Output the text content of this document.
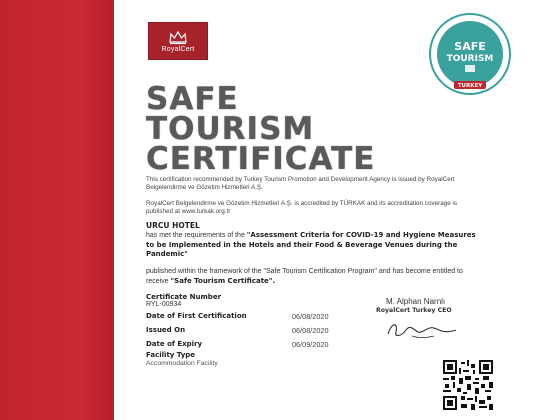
RoyalCert
CERTIFICATE OF
SAFE
TOURISM
TURKEY
SAFE
TOURISM
CERTIFICATE
This certification recommended by Turkey Tourism Promotion and Development Agency is issued by RoyalCert Belgelendirme ve Gözetim Hizmetleri A.Ş.
RoyalCert Belgelendirme ve Gözetim Hizmetleri A.Ş. is accredited by TÜRKAK and its accreditation coverage is published at www.turkak.org.tr
URCU HOTEL
has met the requirements of the "Assessment Criteria for COVID-19 and Hygiene Measures to be Implemented in the Hotels and their Food & Beverage Venues during the Pandemic"
published within the framework of the "Safe Tourism Certification Program" and has become entitled to receive "Safe Tourism Certificate".
Certificate Number
RYL-00934
Date of First Certification	06/08/2020
Issued On	06/08/2020
Date of Expiry	06/09/2020
Facility Type
Accommodation Facility
M. Alphan Narnlı
RoyalCert Turkey CEO
